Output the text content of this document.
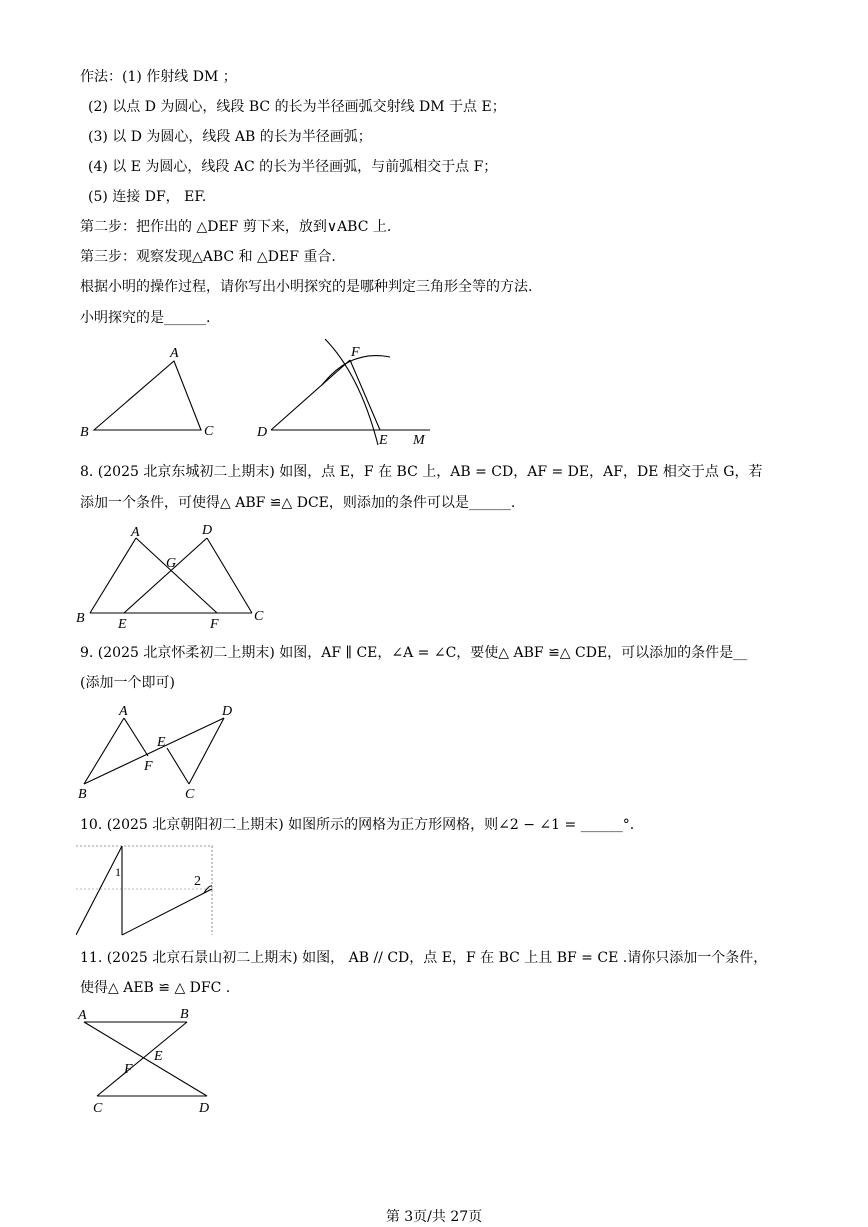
作法：(1) 作射线 DM ；
(2) 以点 D 为圆心，线段 BC 的长为半径画弧交射线 DM 于点 E；
(3) 以 D 为圆心，线段 AB 的长为半径画弧；
(4) 以 E 为圆心，线段 AC 的长为半径画弧，与前弧相交于点 F；
(5) 连接 DF， EF.
第二步：把作出的 △DEF 剪下来，放到∨ABC 上.
第三步：观察发现△ABC 和 △DEF 重合.
根据小明的操作过程，请你写出小明探究的是哪种判定三角形全等的方法.
小明探究的是______.
A
B	C	D
E
F
M
8. (2025 北京东城初二上期末) 如图，点 E，F 在 BC 上，AB = CD，AF = DE，AF，DE 相交于点 G，若
添加一个条件，可使得△ ABF ≌△ DCE，则添加的条件可以是______.
A
B	C
D
E	F
G
9. (2025 北京怀柔初二上期末) 如图，AF ∥ CE，∠A = ∠C，要使△ ABF ≌△ CDE，可以添加的条件是__
(添加一个即可)
A
B	C
D
E
F
10. (2025 北京朝阳初二上期末) 如图所示的网格为正方形网格，则∠2 − ∠1 = ______°.
1
2
11. (2025 北京石景山初二上期末) 如图， AB // CD，点 E，F 在 BC 上且 BF = CE .请你只添加一个条件，
使得△ AEB ≌ △ DFC .
A	B
C	D
E
F
第 3页/共 27页
